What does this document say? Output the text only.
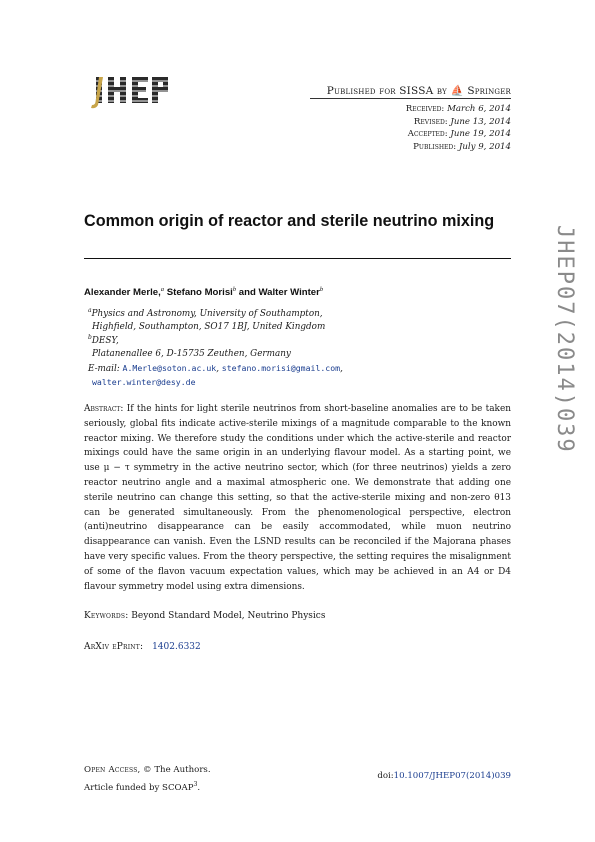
Published for SISSA by ⛵ Springer
Received: March 6, 2014
Revised: June 13, 2014
Accepted: June 19, 2014
Published: July 9, 2014
JHEP07(2014)039
Common origin of reactor and sterile neutrino mixing
Alexander Merle,$^a$ Stefano Morisi$^b$ and Walter Winter$^b$
$^a$Physics and Astronomy, University of Southampton,
Highfield, Southampton, SO17 1BJ, United Kingdom
$^b$DESY,
Platanenallee 6, D-15735 Zeuthen, Germany
E-mail: A.Merle@soton.ac.uk, stefano.morisi@gmail.com,
walter.winter@desy.de
Abstract: If the hints for light sterile neutrinos from short-baseline anomalies are to be taken seriously, global fits indicate active-sterile mixings of a magnitude comparable to the known reactor mixing. We therefore study the conditions under which the active-sterile and reactor mixings could have the same origin in an underlying flavour model. As a starting point, we use μ − τ symmetry in the active neutrino sector, which (for three neutrinos) yields a zero reactor neutrino angle and a maximal atmospheric one. We demonstrate that adding one sterile neutrino can change this setting, so that the active-sterile mixing and non-zero θ13 can be generated simultaneously. From the phenomenological perspective, electron (anti)neutrino disappearance can be easily accommodated, while muon neutrino disappearance can vanish. Even the LSND results can be reconciled if the Majorana phases have very specific values. From the theory perspective, the setting requires the misalignment of some of the flavon vacuum expectation values, which may be achieved in an A4 or D4 flavour symmetry model using extra dimensions.
Keywords: Beyond Standard Model, Neutrino Physics
ArXiv ePrint: 1402.6332
Open Access, © The Authors.
Article funded by SCOAP$^3$.
doi:10.1007/JHEP07(2014)039
